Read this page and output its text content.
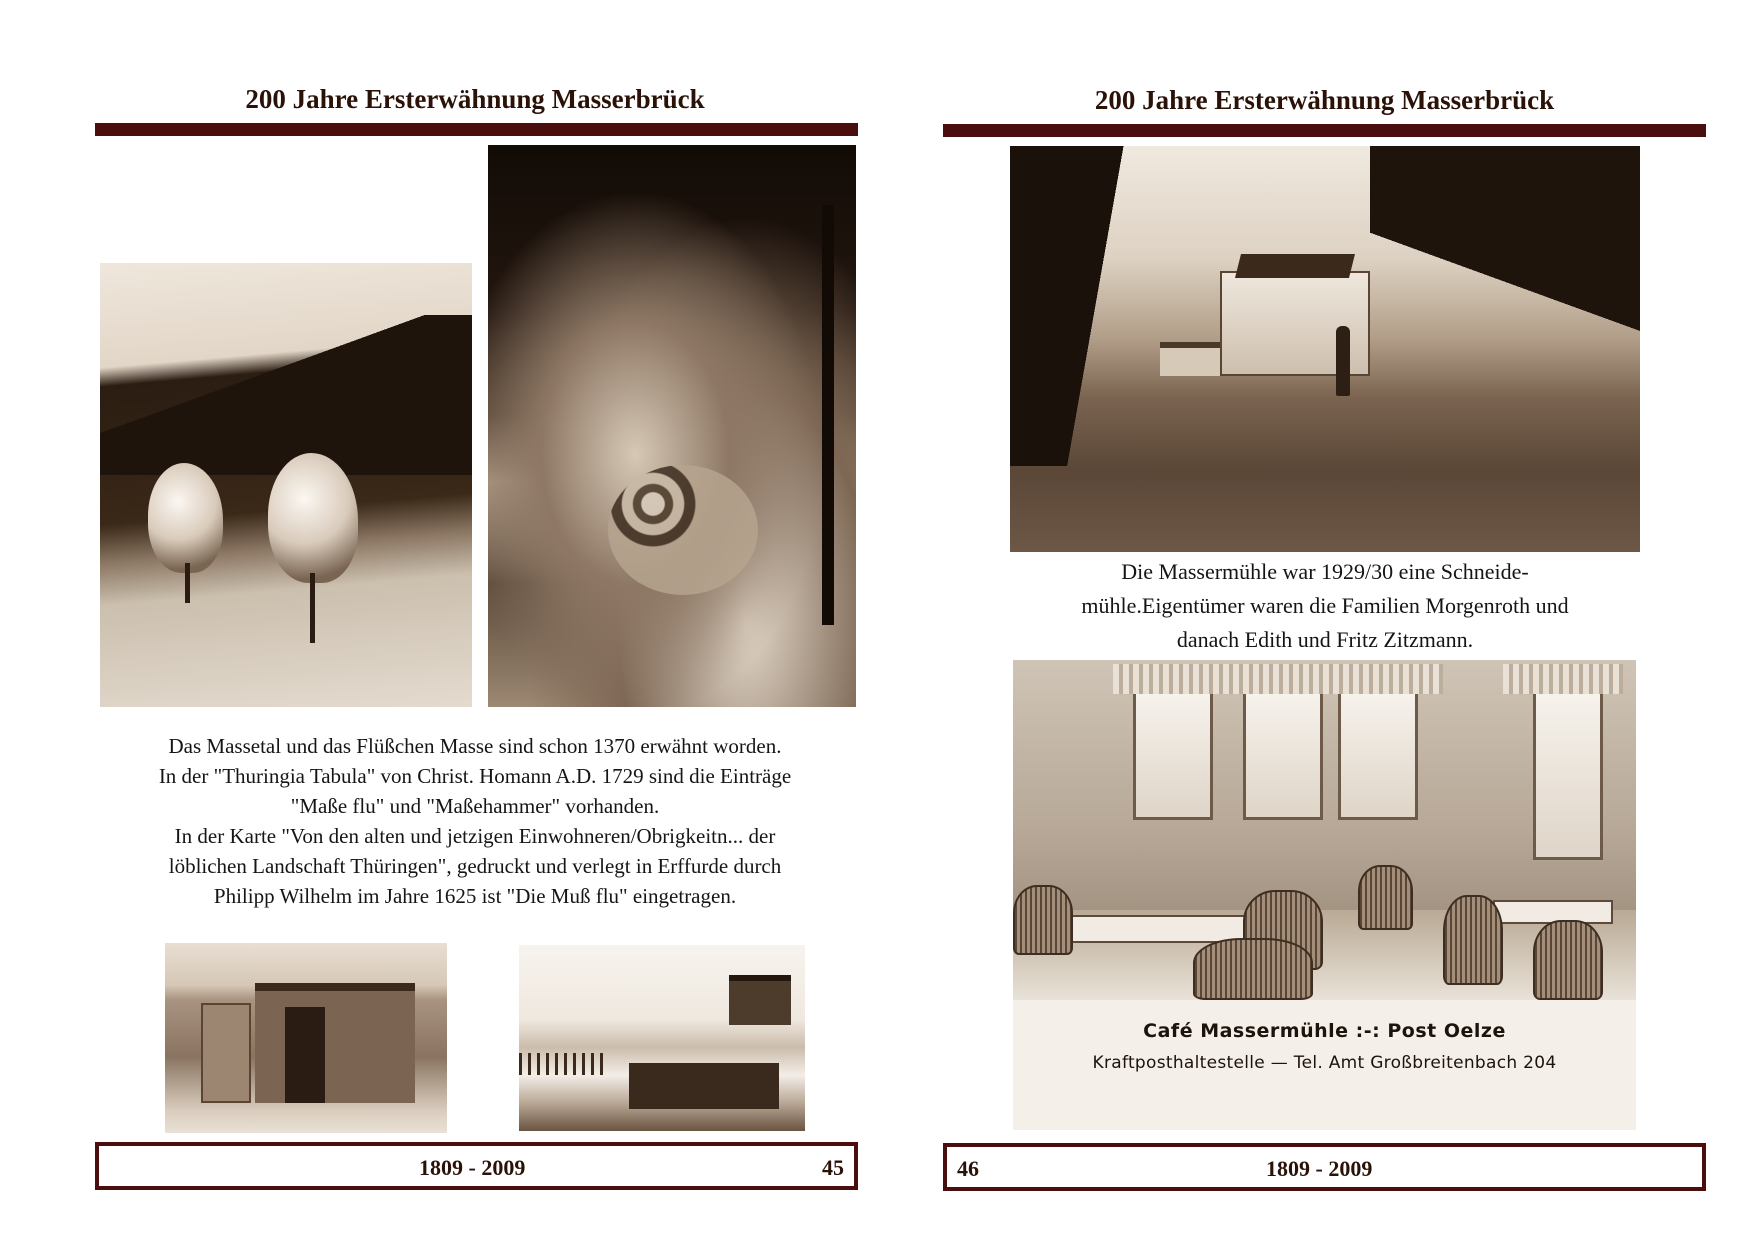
200 Jahre Ersterwähnung Masserbrück

Das Massetal und das Flüßchen Masse sind schon 1370 erwähnt worden.

In der "Thuringia Tabula" von Christ. Homann A.D. 1729 sind die Einträge

"Maße flu" und "Maßehammer" vorhanden.

In der Karte "Von den alten und jetzigen Einwohneren/Obrigkeitn... der

löblichen Landschaft Thüringen", gedruckt und verlegt in Erffurde durch

Philipp Wilhelm im Jahre 1625 ist "Die Muß flu" eingetragen.

1809 - 2009	45
200 Jahre Ersterwähnung Masserbrück

Die Massermühle war 1929/30 eine Schneide-

mühle.Eigentümer waren die Familien Morgenroth und

danach Edith und Fritz Zitzmann.

Café Massermühle :-: Post Oelze
Kraftposthaltestelle — Tel. Amt Großbreitenbach 204
46	1809 - 2009
